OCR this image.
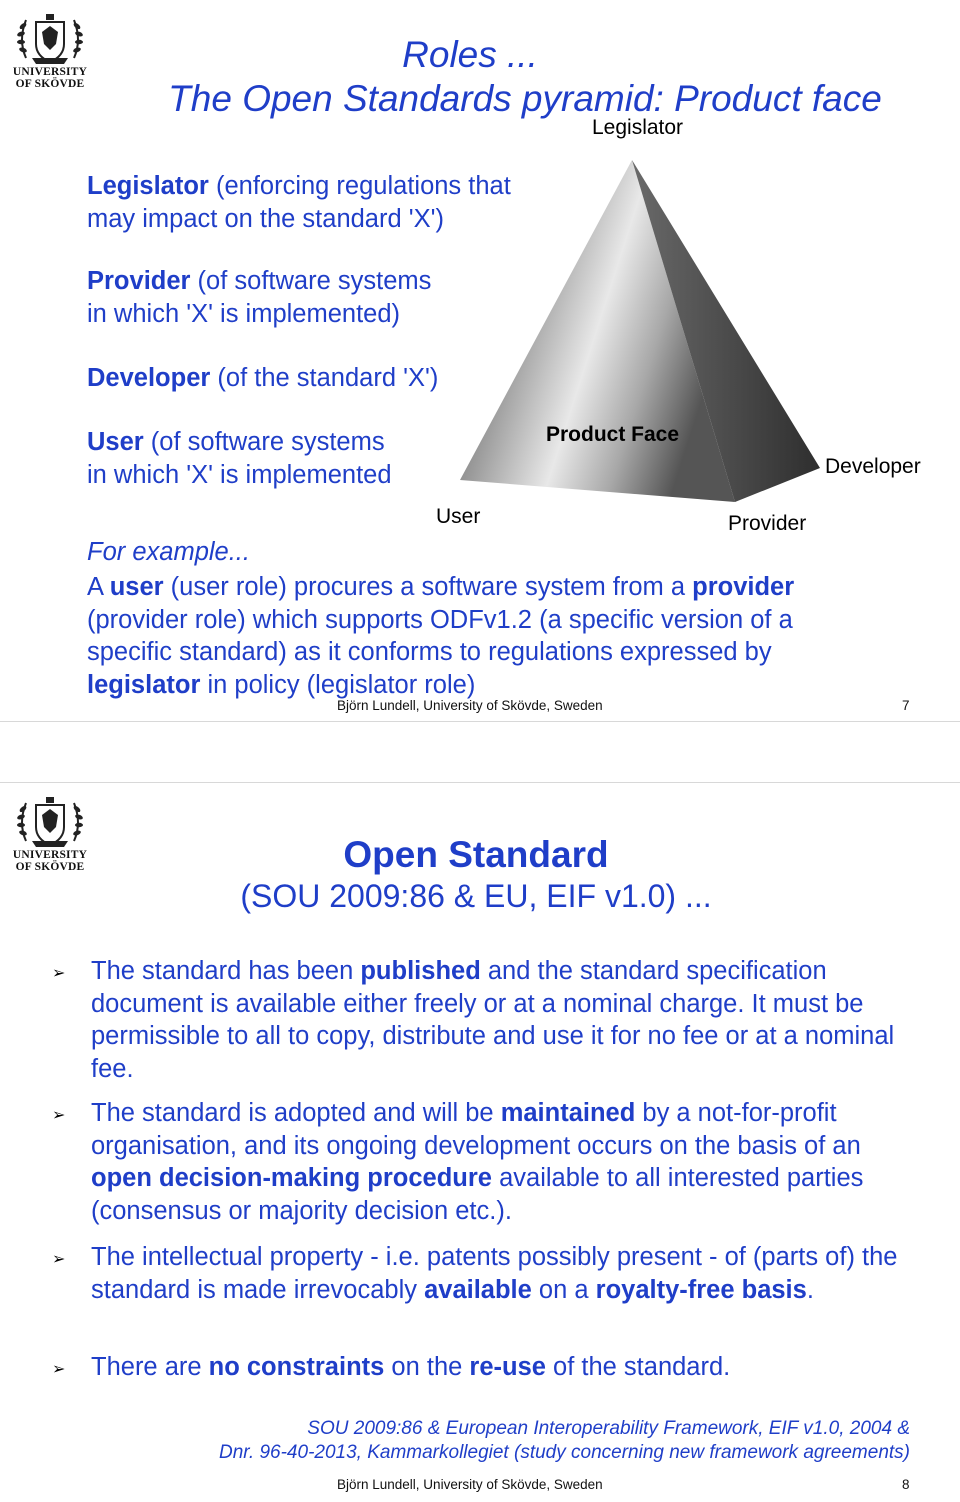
UNIVERSITY
OF SKÖVDE
Roles ...
The Open Standards pyramid: Product face
Legislator
Product Face
Developer
User	Provider
Legislator (enforcing regulations that
may impact on the standard 'X')
Provider (of software systems
in which 'X' is implemented)
Developer (of the standard 'X')
User (of software systems
in which 'X' is implemented
For example...
A user (user role) procures a software system from a provider
(provider role) which supports ODFv1.2 (a specific version of a
specific standard) as it conforms to regulations expressed by
legislator in policy (legislator role)
Björn Lundell, University of Skövde, Sweden	7
UNIVERSITY
OF SKÖVDE	Open Standard
(SOU 2009:86 & EU, EIF v1.0) ...
➢ The standard has been published and the standard specification document is available either freely or at a nominal charge. It must be permissible to all to copy, distribute and use it for no fee or at a nominal fee.
➢ The standard is adopted and will be maintained by a not-for-profit organisation, and its ongoing development occurs on the basis of an open decision-making procedure available to all interested parties (consensus or majority decision etc.).
➢ The intellectual property - i.e. patents possibly present - of (parts of) the standard is made irrevocably available on a royalty-free basis.
➢ There are no constraints on the re-use of the standard.
SOU 2009:86 & European Interoperability Framework, EIF v1.0, 2004 &
Dnr. 96-40-2013, Kammarkollegiet (study concerning new framework agreements)
Björn Lundell, University of Skövde, Sweden	8
